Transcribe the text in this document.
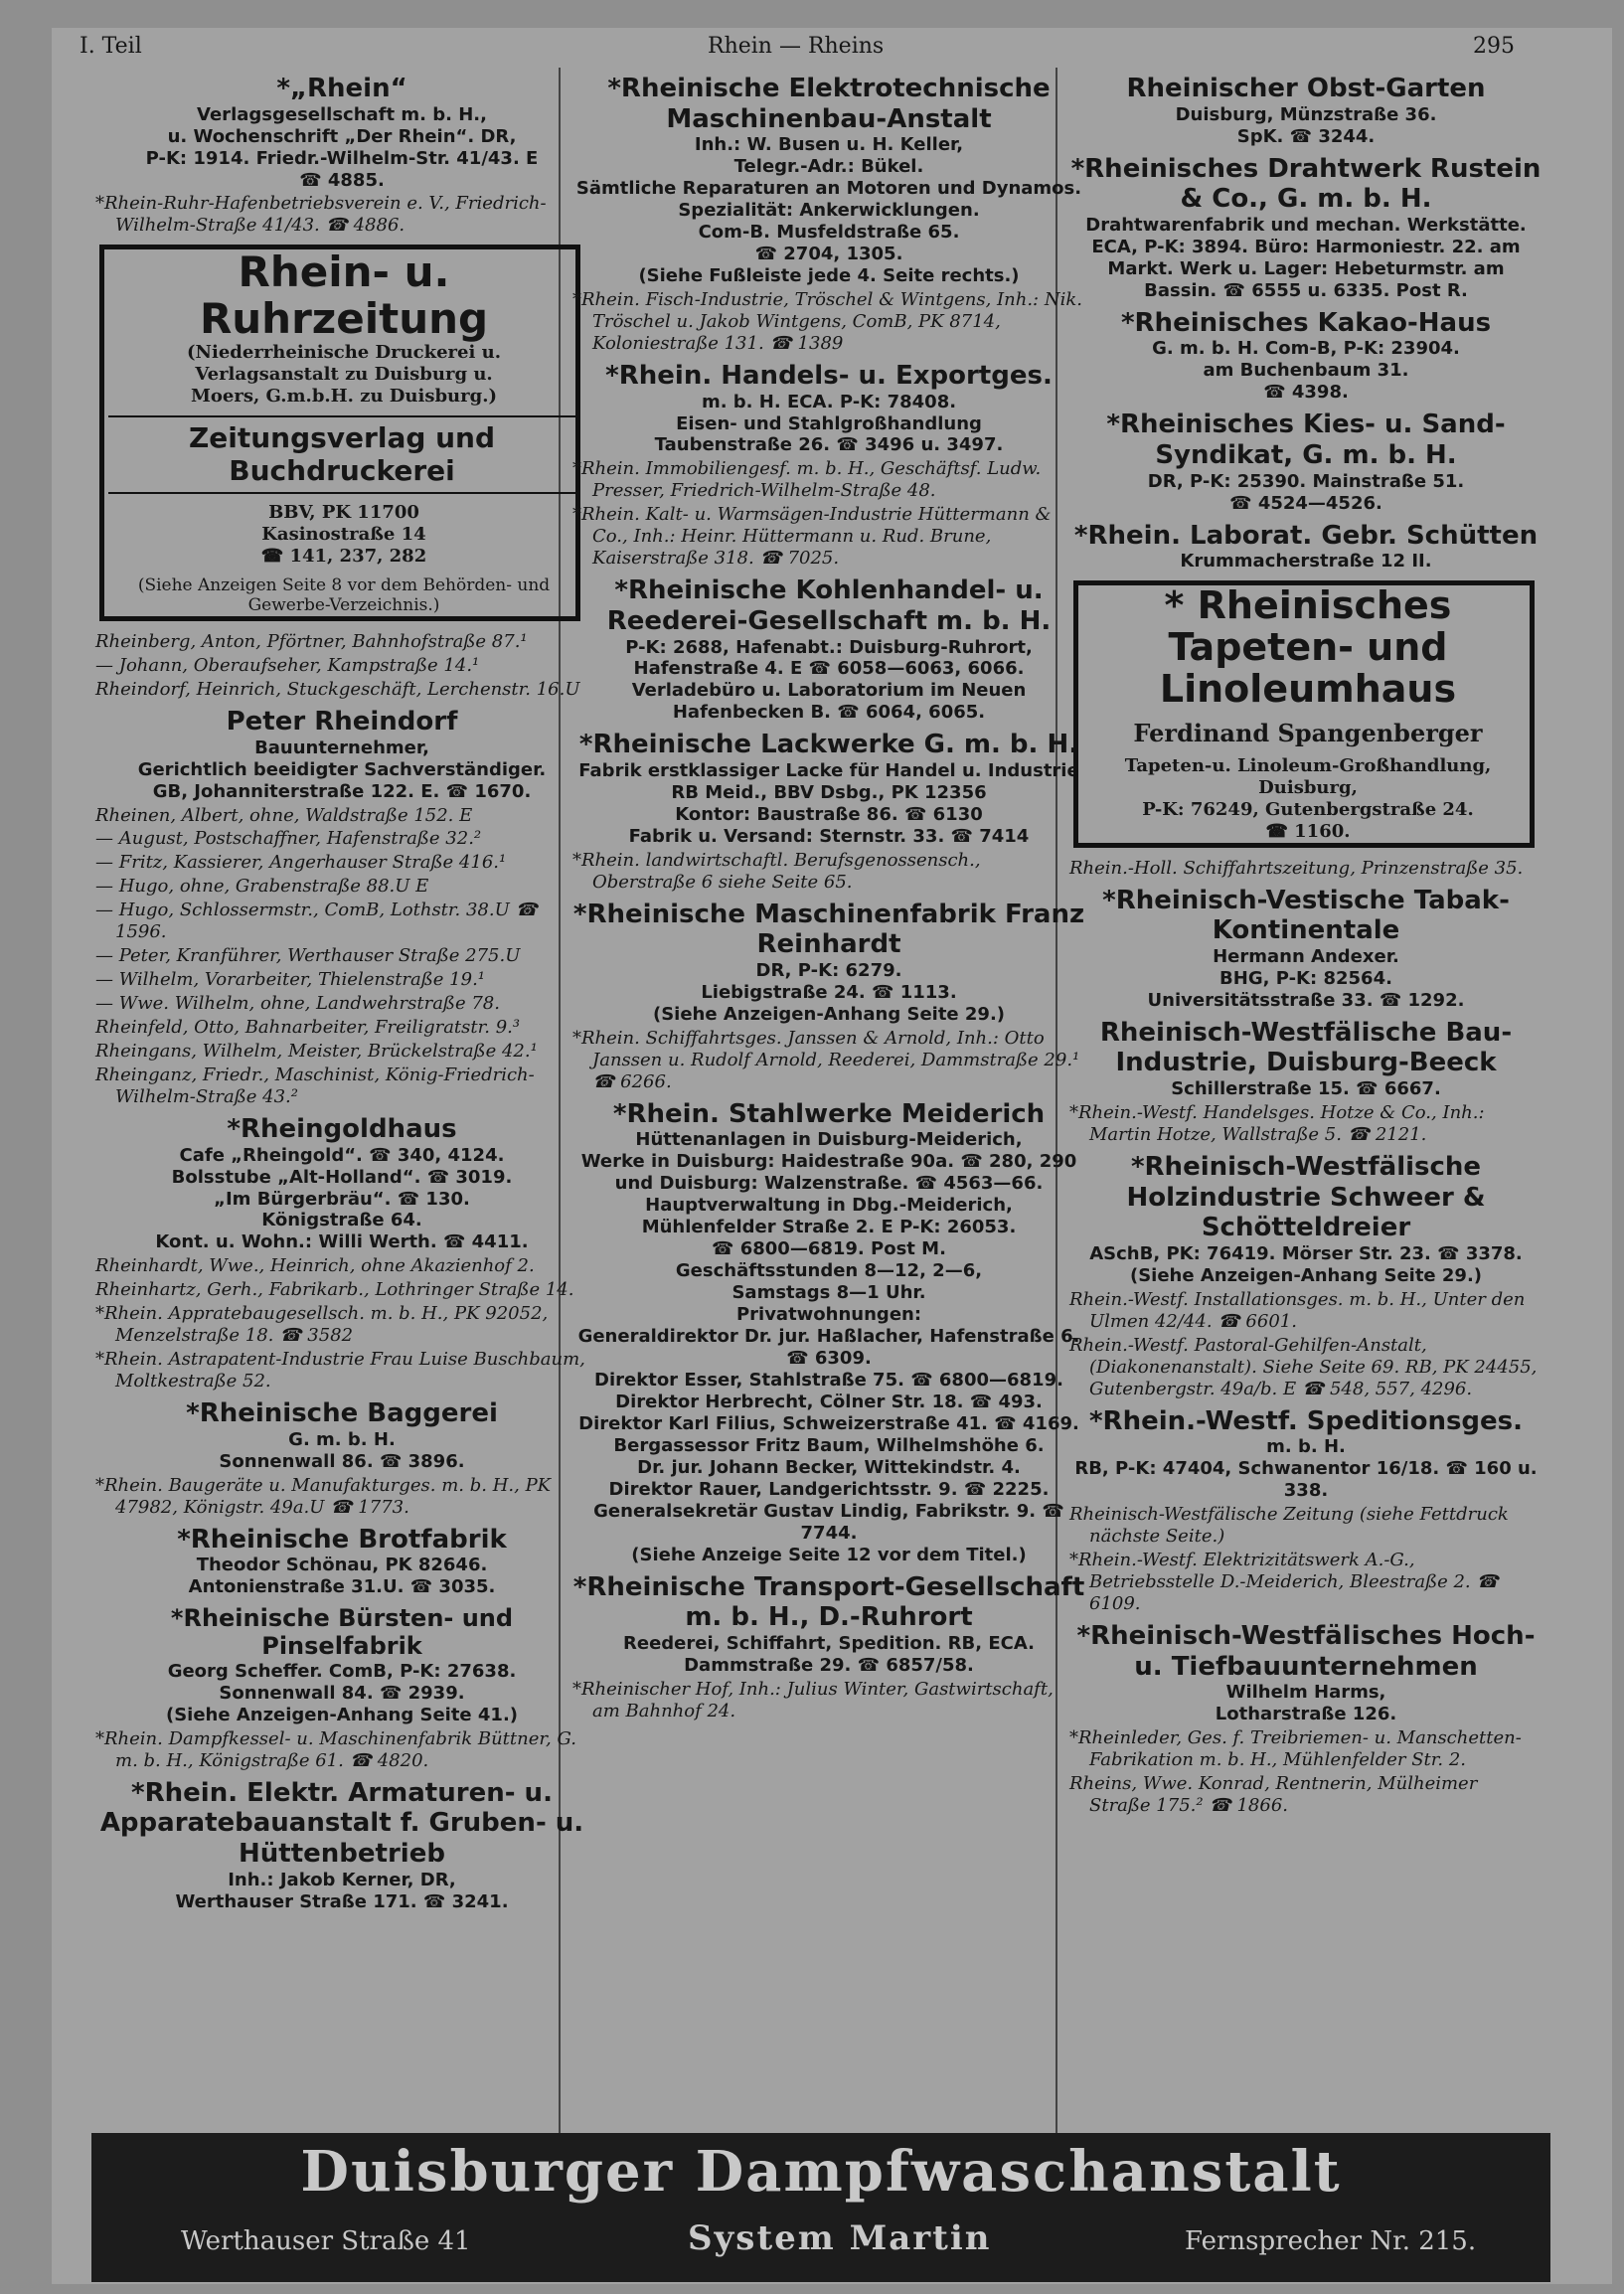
I. Teil	Rhein — Rheins	295
*„Rhein“
Verlagsgesellschaft m. b. H.,
u. Wochenschrift „Der Rhein“. DR,
P-K: 1914. Friedr.-Wilhelm-Str. 41/43. E
☎ 4885.
*Rhein-Ruhr-Hafenbetriebsverein e. V., Friedrich-Wilhelm-Straße 41/43. ☎ 4886.
Rhein- u. Ruhrzeitung
(Niederrheinische Druckerei u.
Verlagsanstalt zu Duisburg u.
Moers, G.m.b.H. zu Duisburg.)
Zeitungsverlag und Buchdruckerei
BBV, PK 11700
Kasinostraße 14
☎ 141, 237, 282
(Siehe Anzeigen Seite 8 vor dem Behörden- und Gewerbe-Verzeichnis.)
Rheinberg, Anton, Pförtner, Bahnhofstraße 87.¹
— Johann, Oberaufseher, Kampstraße 14.¹
Rheindorf, Heinrich, Stuckgeschäft, Lerchenstr. 16.U
Peter Rheindorf
Bauunternehmer,
Gerichtlich beeidigter Sachverständiger.
GB, Johanniterstraße 122. E. ☎ 1670.
Rheinen, Albert, ohne, Waldstraße 152. E
— August, Postschaffner, Hafenstraße 32.²
— Fritz, Kassierer, Angerhauser Straße 416.¹
— Hugo, ohne, Grabenstraße 88.U E
— Hugo, Schlossermstr., ComB, Lothstr. 38.U ☎ 1596.
— Peter, Kranführer, Werthauser Straße 275.U
— Wilhelm, Vorarbeiter, Thielenstraße 19.¹
— Wwe. Wilhelm, ohne, Landwehrstraße 78.
Rheinfeld, Otto, Bahnarbeiter, Freiligratstr. 9.³
Rheingans, Wilhelm, Meister, Brückelstraße 42.¹
Rheinganz, Friedr., Maschinist, König-Friedrich-Wilhelm-Straße 43.²
*Rheingoldhaus
Cafe „Rheingold“. ☎ 340, 4124.
Bolsstube „Alt-Holland“. ☎ 3019.
„Im Bürgerbräu“. ☎ 130.
Königstraße 64.
Kont. u. Wohn.: Willi Werth. ☎ 4411.
Rheinhardt, Wwe., Heinrich, ohne Akazienhof 2.
Rheinhartz, Gerh., Fabrikarb., Lothringer Straße 14.
*Rhein. Appratebaugesellsch. m. b. H., PK 92052, Menzelstraße 18. ☎ 3582
*Rhein. Astrapatent-Industrie Frau Luise Buschbaum, Moltkestraße 52.
*Rheinische Baggerei
G. m. b. H.
Sonnenwall 86. ☎ 3896.
*Rhein. Baugeräte u. Manufakturges. m. b. H., PK 47982, Königstr. 49a.U ☎ 1773.
*Rheinische Brotfabrik
Theodor Schönau, PK 82646.
Antonienstraße 31.U. ☎ 3035.
*Rheinische Bürsten- und Pinselfabrik
Georg Scheffer. ComB, P-K: 27638.
Sonnenwall 84. ☎ 2939.
(Siehe Anzeigen-Anhang Seite 41.)
*Rhein. Dampfkessel- u. Maschinenfabrik Büttner, G. m. b. H., Königstraße 61. ☎ 4820.
*Rhein. Elektr. Armaturen- u. Apparatebauanstalt f. Gruben- u. Hüttenbetrieb
Inh.: Jakob Kerner, DR,
Werthauser Straße 171. ☎ 3241.
*Rheinische Elektrotechnische Maschinenbau-Anstalt
Inh.: W. Busen u. H. Keller,
Telegr.-Adr.: Bükel.
Sämtliche Reparaturen an Motoren und Dynamos. Spezialität: Ankerwicklungen.
Com-B. Musfeldstraße 65.
☎ 2704, 1305.
(Siehe Fußleiste jede 4. Seite rechts.)
*Rhein. Fisch-Industrie, Tröschel & Wintgens, Inh.: Nik. Tröschel u. Jakob Wintgens, ComB, PK 8714, Koloniestraße 131. ☎ 1389
*Rhein. Handels- u. Exportges.
m. b. H. ECA. P-K: 78408.
Eisen- und Stahlgroßhandlung
Taubenstraße 26. ☎ 3496 u. 3497.
*Rhein. Immobiliengesf. m. b. H., Geschäftsf. Ludw. Presser, Friedrich-Wilhelm-Straße 48.
*Rhein. Kalt- u. Warmsägen-Industrie Hüttermann & Co., Inh.: Heinr. Hüttermann u. Rud. Brune, Kaiserstraße 318. ☎ 7025.
*Rheinische Kohlenhandel- u. Reederei-Gesellschaft m. b. H.
P-K: 2688, Hafenabt.: Duisburg-Ruhrort, Hafenstraße 4. E ☎ 6058—6063, 6066.
Verladebüro u. Laboratorium im Neuen Hafenbecken B. ☎ 6064, 6065.
*Rheinische Lackwerke G. m. b. H.
Fabrik erstklassiger Lacke für Handel u. Industrie
RB Meid., BBV Dsbg., PK 12356
Kontor: Baustraße 86. ☎ 6130
Fabrik u. Versand: Sternstr. 33. ☎ 7414
*Rhein. landwirtschaftl. Berufsgenossensch., Oberstraße 6 siehe Seite 65.
*Rheinische Maschinenfabrik Franz Reinhardt
DR, P-K: 6279.
Liebigstraße 24. ☎ 1113.
(Siehe Anzeigen-Anhang Seite 29.)
*Rhein. Schiffahrtsges. Janssen & Arnold, Inh.: Otto Janssen u. Rudolf Arnold, Reederei, Dammstraße 29.¹ ☎ 6266.
*Rhein. Stahlwerke Meiderich
Hüttenanlagen in Duisburg-Meiderich,
Werke in Duisburg: Haidestraße 90a. ☎ 280, 290 und Duisburg: Walzenstraße. ☎ 4563—66.
Hauptverwaltung in Dbg.-Meiderich,
Mühlenfelder Straße 2. E P-K: 26053.
☎ 6800—6819. Post M.
Geschäftsstunden 8—12, 2—6,
Samstags 8—1 Uhr.
Privatwohnungen:
Generaldirektor Dr. jur. Haßlacher, Hafenstraße 6. ☎ 6309.
Direktor Esser, Stahlstraße 75. ☎ 6800—6819.
Direktor Herbrecht, Cölner Str. 18. ☎ 493.
Direktor Karl Filius, Schweizerstraße 41. ☎ 4169.
Bergassessor Fritz Baum, Wilhelmshöhe 6.
Dr. jur. Johann Becker, Wittekindstr. 4.
Direktor Rauer, Landgerichtsstr. 9. ☎ 2225.
Generalsekretär Gustav Lindig, Fabrikstr. 9. ☎ 7744.
(Siehe Anzeige Seite 12 vor dem Titel.)
*Rheinische Transport-Gesellschaft m. b. H., D.-Ruhrort
Reederei, Schiffahrt, Spedition. RB, ECA. Dammstraße 29. ☎ 6857/58.
*Rheinischer Hof, Inh.: Julius Winter, Gastwirtschaft, am Bahnhof 24.
Rheinischer Obst-Garten
Duisburg, Münzstraße 36.
SpK. ☎ 3244.
*Rheinisches Drahtwerk Rustein & Co., G. m. b. H.
Drahtwarenfabrik und mechan. Werkstätte. ECA, P-K: 3894. Büro: Harmoniestr. 22. am Markt. Werk u. Lager: Hebeturmstr. am Bassin. ☎ 6555 u. 6335. Post R.
*Rheinisches Kakao-Haus
G. m. b. H. Com-B, P-K: 23904.
am Buchenbaum 31.
☎ 4398.
*Rheinisches Kies- u. Sand-Syndikat, G. m. b. H.
DR, P-K: 25390. Mainstraße 51.
☎ 4524—4526.
*Rhein. Laborat. Gebr. Schütten
Krummacherstraße 12 II.
* Rheinisches Tapeten- und Linoleumhaus
Ferdinand Spangenberger
Tapeten-u. Linoleum-Großhandlung,
Duisburg,
P-K: 76249, Gutenbergstraße 24.
☎ 1160.
Rhein.-Holl. Schiffahrtszeitung, Prinzenstraße 35.
*Rheinisch-Vestische Tabak-Kontinentale
Hermann Andexer.
BHG, P-K: 82564.
Universitätsstraße 33. ☎ 1292.
Rheinisch-Westfälische Bau-Industrie, Duisburg-Beeck
Schillerstraße 15. ☎ 6667.
*Rhein.-Westf. Handelsges. Hotze & Co., Inh.: Martin Hotze, Wallstraße 5. ☎ 2121.
*Rheinisch-Westfälische Holzindustrie Schweer & Schötteldreier
ASchB, PK: 76419. Mörser Str. 23. ☎ 3378.
(Siehe Anzeigen-Anhang Seite 29.)
Rhein.-Westf. Installationsges. m. b. H., Unter den Ulmen 42/44. ☎ 6601.
Rhein.-Westf. Pastoral-Gehilfen-Anstalt, (Diakonenanstalt). Siehe Seite 69. RB, PK 24455, Gutenbergstr. 49a/b. E ☎ 548, 557, 4296.
*Rhein.-Westf. Speditionsges.
m. b. H.
RB, P-K: 47404, Schwanentor 16/18. ☎ 160 u. 338.
Rheinisch-Westfälische Zeitung (siehe Fettdruck nächste Seite.)
*Rhein.-Westf. Elektrizitätswerk A.-G., Betriebsstelle D.-Meiderich, Bleestraße 2. ☎ 6109.
*Rheinisch-Westfälisches Hoch- u. Tiefbauunternehmen
Wilhelm Harms,
Lotharstraße 126.
*Rheinleder, Ges. f. Treibriemen- u. Manschetten-Fabrikation m. b. H., Mühlenfelder Str. 2.
Rheins, Wwe. Konrad, Rentnerin, Mülheimer Straße 175.² ☎ 1866.
Duisburger Dampfwaschanstalt
Werthauser Straße 41	System Martin	Fernsprecher Nr. 215.
